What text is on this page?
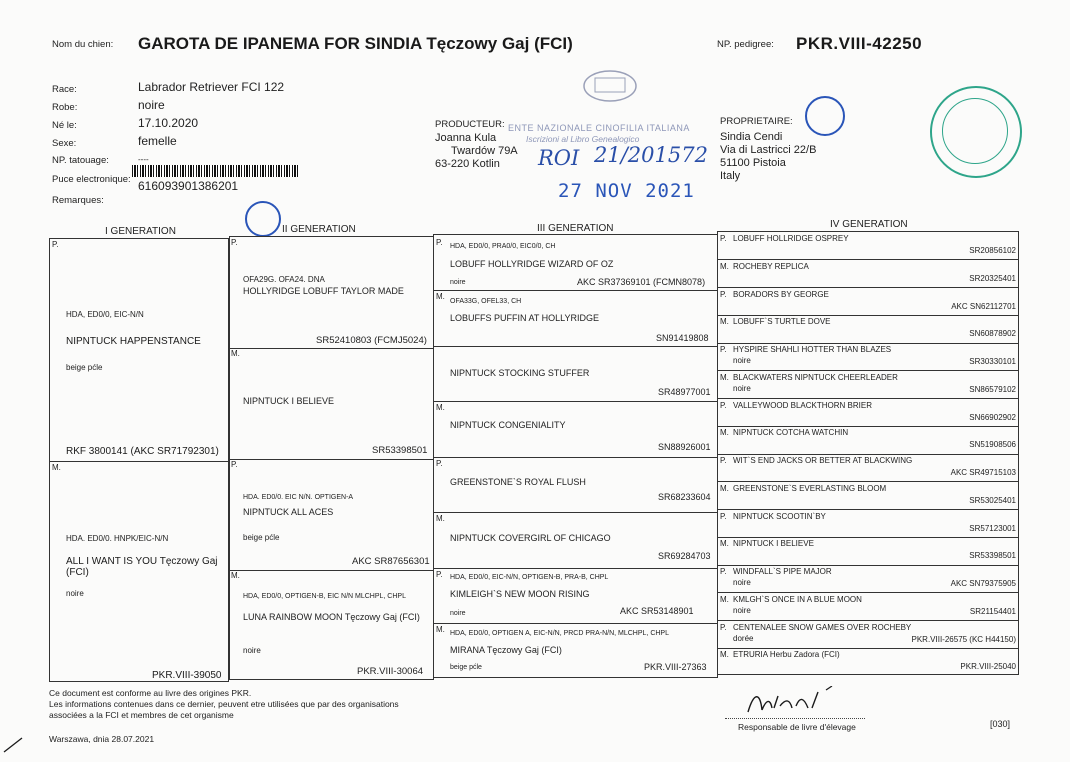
Nom du chien: GAROTA DE IPANEMA FOR SINDIA Tęczowy Gaj (FCI)	NP. pedigree: PKR.VIII-42250
Race:	Labrador Retriever FCI 122
Robe:	noire
Né le:	17.10.2020
Sexe:	femelle
NP. tatouage:	----
Puce electronique: 616093901386201
Remarques:
PRODUCTEUR:
Joanna Kula
Twardów 79A
63-220 Kotlin
PROPRIETAIRE:
Sindia Cendi
Via di Lastricci 22/B
51100 Pistoia
Italy
ENTE NAZIONALE CINOFILIA ITALIANA
Iscrizioni al Libro Genealogico
ROI 21/201572
27 NOV 2021
I GENERATION	II GENERATION	III GENERATION	IV GENERATION
P.
HDA, ED0/0, EIC-N/N
NIPNTUCK HAPPENSTANCE
beige pćle
RKF 3800141 (AKC SR71792301)
M.
HDA. ED0/0. HNPK/EIC-N/N
ALL I WANT IS YOU Tęczowy Gaj (FCI)
noire
PKR.VIII-39050
P.
OFA29G. OFA24. DNA
HOLLYRIDGE LOBUFF TAYLOR MADE
SR52410803 (FCMJ5024)
M.
NIPNTUCK I BELIEVE
SR53398501
P.
HDA. ED0/0. EIC N/N. OPTIGEN-A
NIPNTUCK ALL ACES
beige pćle
AKC SR87656301
M.
HDA, ED0/0, OPTIGEN-B, EIC N/N MLCHPL, CHPL
LUNA RAINBOW MOON Tęczowy Gaj (FCI)
noire
PKR.VIII-30064
P. HDA, ED0/0, PRA0/0, EIC0/0, CH
LOBUFF HOLLYRIDGE WIZARD OF OZ
noire	AKC SR37369101 (FCMN8078)
M.
OFA33G, OFEL33, CH
LOBUFFS PUFFIN AT HOLLYRIDGE
SN91419808
NIPNTUCK STOCKING STUFFER
SR48977001
M.
NIPNTUCK CONGENIALITY
SN88926001
P.
GREENSTONE`S ROYAL FLUSH
SR68233604
M.
NIPNTUCK COVERGIRL OF CHICAGO
SR69284703
P. HDA, ED0/0, EIC-N/N, OPTIGEN-B, PRA-B, CHPL
KIMLEIGH`S NEW MOON RISING
noire	AKC SR53148901
M. HDA, ED0/0, OPTIGEN A, EIC-N/N, PRCD PRA-N/N, MLCHPL, CHPL
MIRANA Tęczowy Gaj (FCI)
beige pćle	PKR.VIII-27363
P. LOBUFF HOLLRIDGE OSPREY
SR20856102
M. ROCHEBY REPLICA
SR20325401
P. BORADORS BY GEORGE
AKC SN62112701
M. LOBUFF`S TURTLE DOVE
SN60878902
P. HYSPIRE SHAHLI HOTTER THAN BLAZES
noire	SR30330101
M. BLACKWATERS NIPNTUCK CHEERLEADER
noire	SN86579102
P. VALLEYWOOD BLACKTHORN BRIER
SN66902902
M. NIPNTUCK COTCHA WATCHIN
SN51908506
P. WIT`S END JACKS OR BETTER AT BLACKWING
AKC SR49715103
M. GREENSTONE`S EVERLASTING BLOOM
SR53025401
P. NIPNTUCK SCOOTIN`BY
SR57123001
M. NIPNTUCK I BELIEVE
SR53398501
P. WINDFALL`S PIPE MAJOR
noire	AKC SN79375905
M. KMLGH`S ONCE IN A BLUE MOON
noire	SR21154401
P. CENTENALEE SNOW GAMES OVER ROCHEBY
dorée	PKR.VIII-26575 (KC H44150)
M. ETRURIA Herbu Zadora (FCI)
PKR.VIII-25040
Ce document est conforme au livre des origines PKR.
Les informations contenues dans ce dernier, peuvent etre utilisées que par des organisations
associées a la FCI et membres de cet organisme
Warszawa, dnia 28.07.2021
Responsable de livre d'élevage	[030]
